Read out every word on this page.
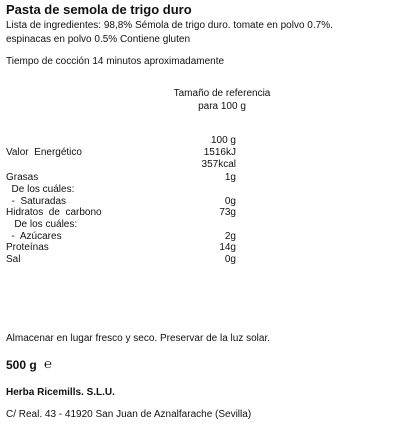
Pasta de semola de trigo duro
Lista de ingredientes: 98,8% Sémola de trigo duro. tomate en polvo 0.7%.
espinacas en polvo 0.5% Contiene gluten
Tiempo de cocción 14 minutos aproximadamente
Tamaño de referencia
para 100 g
100 g
Valor  Energético	1516kJ
357kcal
Grasas	1g
De los cuáles:
-  Saturadas	0g
Hidratos  de  carbono	73g
De los cuáles:
-  Azúcares	2g
Proteínas	14g
Sal	0g
Almacenar en lugar fresco y seco. Preservar de la luz solar.
500 g ℮
Herba Ricemills. S.L.U.
C/ Real. 43 - 41920 San Juan de Aznalfarache (Sevilla)
